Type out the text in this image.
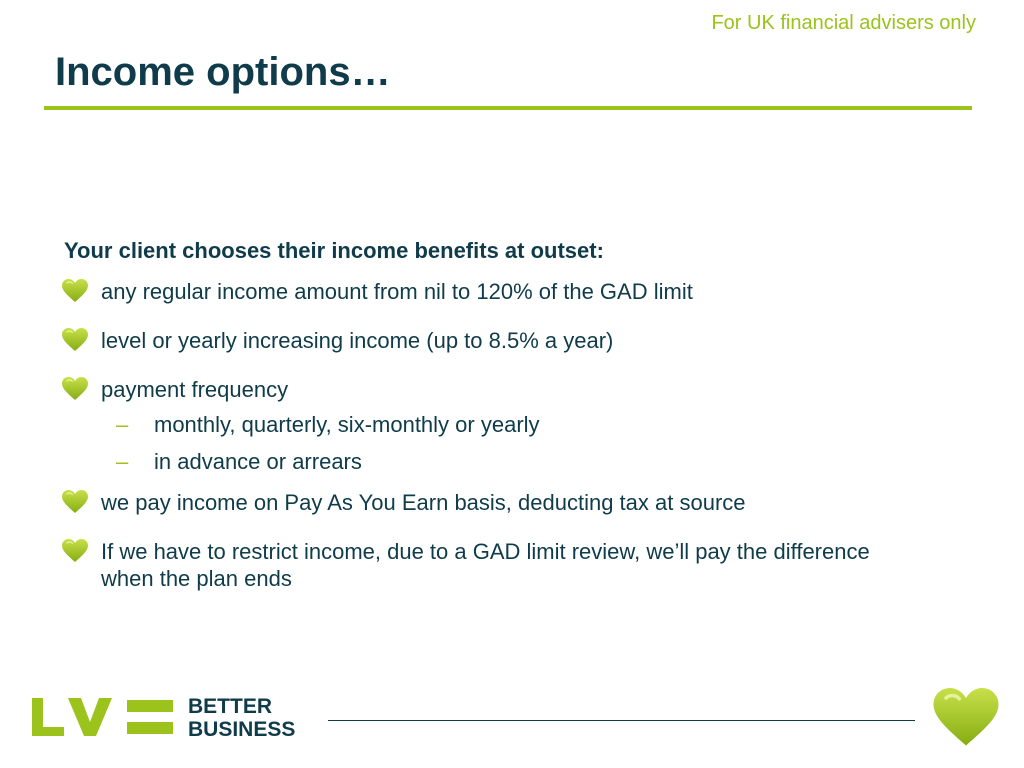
For UK financial advisers only
Income options…

Your client chooses their income benefits at outset:

any regular income amount from nil to 120% of the GAD limit
level or yearly increasing income (up to 8.5% a year)
payment frequency
– monthly, quarterly, six-monthly or yearly
– in advance or arrears
we pay income on Pay As You Earn basis, deducting tax at source
If we have to restrict income, due to a GAD limit review, we’ll pay the difference when the plan ends
BETTER
BUSINESS
